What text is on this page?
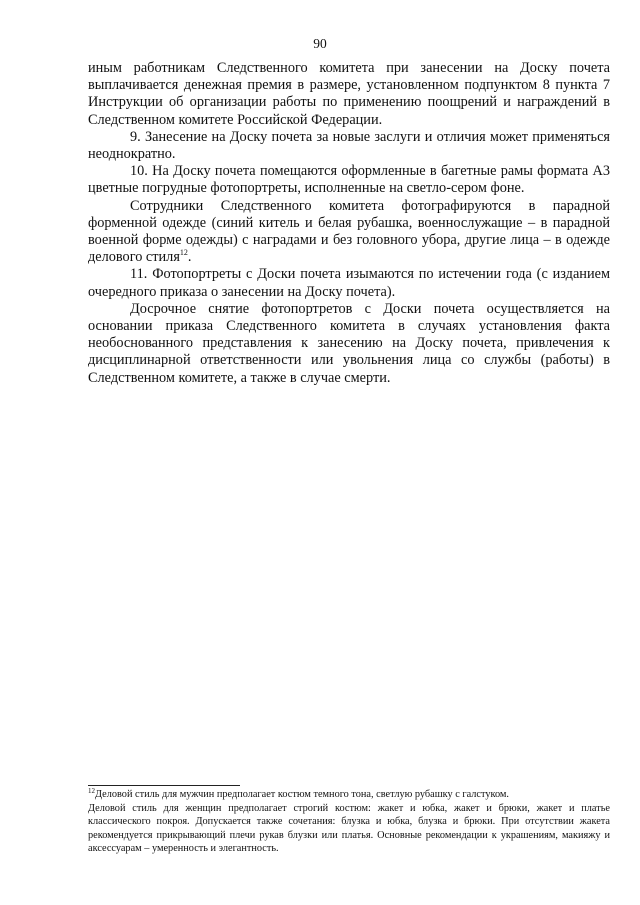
90

иным работникам Следственного комитета при занесении на Доску почета выплачивается денежная премия в размере, установленном подпунктом 8 пункта 7 Инструкции об организации работы по применению поощрений и награждений в Следственном комитете Российской Федерации.

9. Занесение на Доску почета за новые заслуги и отличия может применяться неоднократно.

10. На Доску почета помещаются оформленные в багетные рамы формата А3 цветные погрудные фотопортреты, исполненные на светло-сером фоне.

Сотрудники Следственного комитета фотографируются в парадной форменной одежде (синий китель и белая рубашка, военнослужащие – в парадной военной форме одежды) с наградами и без головного убора, другие лица – в одежде делового стиля$^{12}$.

11. Фотопортреты с Доски почета изымаются по истечении года (с изданием очередного приказа о занесении на Доску почета).

Досрочное снятие фотопортретов с Доски почета осуществляется на основании приказа Следственного комитета в случаях установления факта необоснованного представления к занесению на Доску почета, привлечения к дисциплинарной ответственности или увольнения лица со службы (работы) в Следственном комитете, а также в случае смерти.

$^{12}$Деловой стиль для мужчин предполагает костюм темного тона, светлую рубашку с галстуком.

Деловой стиль для женщин предполагает строгий костюм: жакет и юбка, жакет и брюки, жакет и платье классического покроя. Допускается также сочетания: блузка и юбка, блузка и брюки. При отсутствии жакета рекомендуется прикрывающий плечи рукав блузки или платья. Основные рекомендации к украшениям, макияжу и аксессуарам – умеренность и элегантность.
